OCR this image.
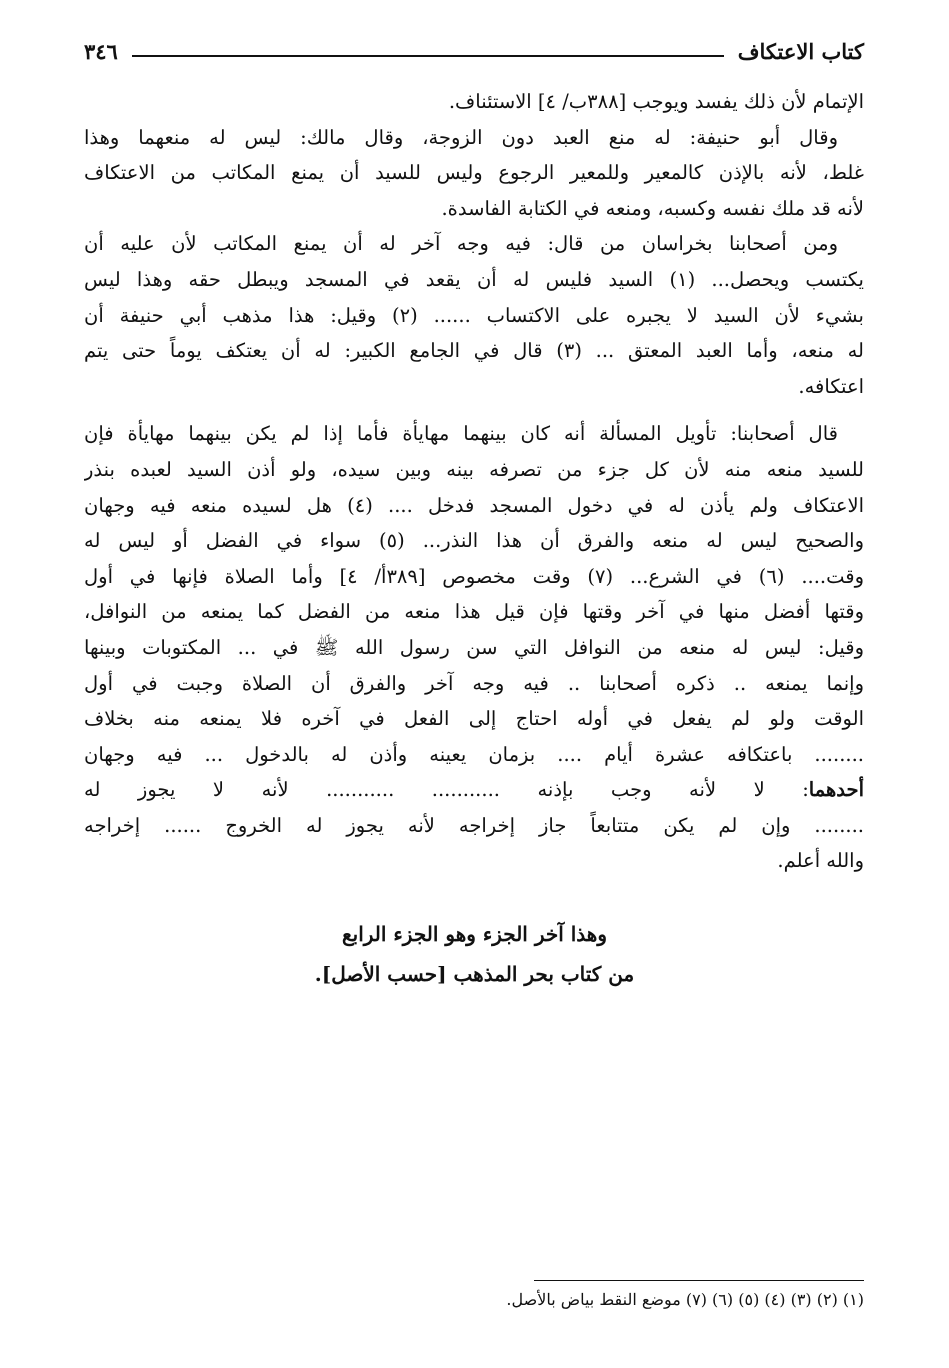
كتاب الاعتكاف
٣٤٦
الإتمام لأن ذلك يفسد ويوجب [٣٨٨ب/ ٤] الاستئناف.
وقال أبو حنيفة: له منع العبد دون الزوجة، وقال مالك: ليس له منعهما وهذا
غلط، لأنه بالإذن كالمعير وللمعير الرجوع وليس للسيد أن يمنع المكاتب من الاعتكاف
لأنه قد ملك نفسه وكسبه، ومنعه في الكتابة الفاسدة.
ومن أصحابنا بخراسان من قال: فيه وجه آخر له أن يمنع المكاتب لأن عليه أن
يكتسب ويحصل... (١) السيد فليس له أن يقعد في المسجد ويبطل حقه وهذا ليس
بشيء لأن السيد لا يجبره على الاكتساب ...... (٢) وقيل: هذا مذهب أبي حنيفة أن
له منعه، وأما العبد المعتق ... (٣) قال في الجامع الكبير: له أن يعتكف يوماً حتى يتم
اعتكافه.
قال أصحابنا: تأويل المسألة أنه كان بينهما مهايأة فأما إذا لم يكن بينهما مهايأة فإن
للسيد منعه منه لأن كل جزء من تصرفه بينه وبين سيده، ولو أذن السيد لعبده بنذر
الاعتكاف ولم يأذن له في دخول المسجد فدخل .... (٤) هل لسيده منعه فيه وجهان
والصحيح ليس له منعه والفرق أن هذا النذر... (٥) سواء في الفضل أو ليس له
وقت.... (٦) في الشرع... (٧) وقت مخصوص [٣٨٩أ/ ٤] وأما الصلاة فإنها في أول
وقتها أفضل منها في آخر وقتها فإن قيل هذا منعه من الفضل كما يمنعه من النوافل،
وقيل: ليس له منعه من النوافل التي سن رسول الله ﷺ في ... المكتوبات وبينها
وإنما يمنعه .. ذكره أصحابنا .. فيه وجه آخر والفرق أن الصلاة وجبت في أول
الوقت ولو لم يفعل في أوله احتاج إلى الفعل في آخره فلا يمنعه منه بخلاف
........ باعتكافه عشرة أيام .... بزمان يعينه وأذن له بالدخول ... فيه وجهان
أحدهما: لا لأنه وجب بإذنه ........... ........... لأنه لا يجوز له
........ وإن لم يكن متتابعاً جاز إخراجه لأنه يجوز له الخروج ...... إخراجه
والله أعلم.
وهذا آخر الجزء وهو الجزء الرابع
من كتاب بحر المذهب [حسب الأصل].
(١) (٢) (٣) (٤) (٥) (٦) (٧) موضع النقط بياض بالأصل.
